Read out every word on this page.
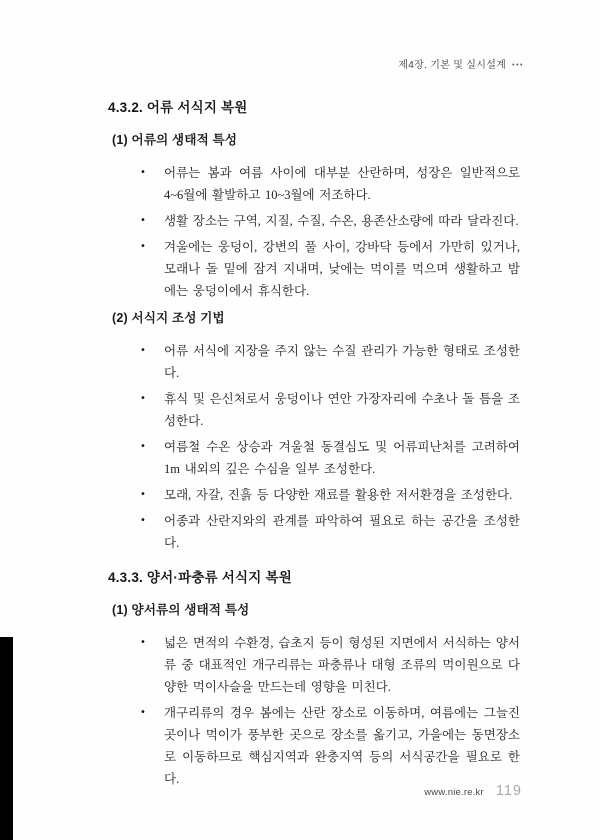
제4장. 기본 및 실시설계 •••
4.3.2. 어류 서식지 복원
(1) 어류의 생태적 특성
• 어류는 봄과 여름 사이에 대부분 산란하며, 성장은 일반적으로 4~6월에 활발하고 10~3월에 저조하다.
• 생활 장소는 구역, 지질, 수질, 수온, 용존산소량에 따라 달라진다.
• 겨울에는 웅덩이, 강변의 풀 사이, 강바닥 등에서 가만히 있거나, 모래나 돌 밑에 잠겨 지내며, 낮에는 먹이를 먹으며 생활하고 밤에는 웅덩이에서 휴식한다.
(2) 서식지 조성 기법
• 어류 서식에 지장을 주지 않는 수질 관리가 가능한 형태로 조성한다.
• 휴식 및 은신처로서 웅덩이나 연안 가장자리에 수초나 돌 틈을 조성한다.
• 여름철 수온 상승과 겨울철 동결심도 및 어류피난처를 고려하여 1m 내외의 깊은 수심을 일부 조성한다.
• 모래, 자갈, 진흙 등 다양한 재료를 활용한 저서환경을 조성한다.
• 어종과 산란지와의 관계를 파악하여 필요로 하는 공간을 조성한다.
4.3.3. 양서·파충류 서식지 복원
(1) 양서류의 생태적 특성
• 넓은 면적의 수환경, 습초지 등이 형성된 지면에서 서식하는 양서류 중 대표적인 개구리류는 파충류나 대형 조류의 먹이원으로 다양한 먹이사슬을 만드는데 영향을 미친다.
• 개구리류의 경우 봄에는 산란 장소로 이동하며, 여름에는 그늘진 곳이나 먹이가 풍부한 곳으로 장소를 옮기고, 가을에는 동면장소로 이동하므로 핵심지역과 완충지역 등의 서식공간을 필요로 한다.
www.nie.re.kr 119
